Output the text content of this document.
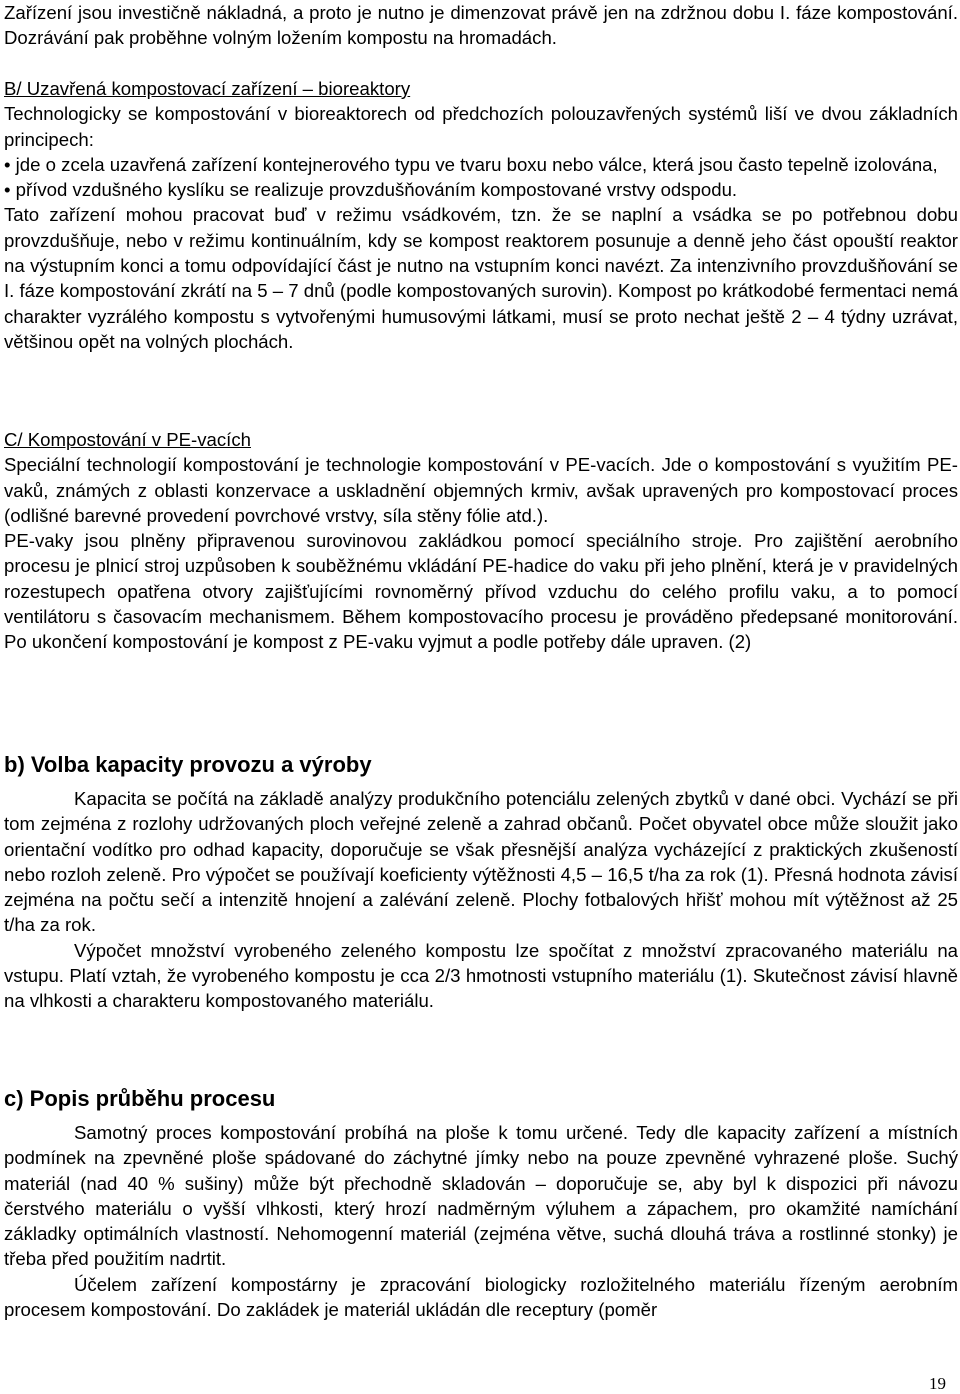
Zařízení jsou investičně nákladná, a proto je nutno je dimenzovat právě jen na zdržnou dobu I. fáze kompostování. Dozrávání pak proběhne volným ložením kompostu na hromadách.

B/ Uzavřená kompostovací zařízení – bioreaktory

Technologicky se kompostování v bioreaktorech od předchozích polouzavřených systémů liší ve dvou základních principech:

• jde o zcela uzavřená zařízení kontejnerového typu ve tvaru boxu nebo válce, která jsou často tepelně izolována,

• přívod vzdušného kyslíku se realizuje provzdušňováním kompostované vrstvy odspodu.

Tato zařízení mohou pracovat buď v režimu vsádkovém, tzn. že se naplní a vsádka se po potřebnou dobu provzdušňuje, nebo v režimu kontinuálním, kdy se kompost reaktorem posunuje a denně jeho část opouští reaktor na výstupním konci a tomu odpovídající část je nutno na vstupním konci navézt. Za intenzivního provzdušňování se I. fáze kompostování zkrátí na 5 – 7 dnů (podle kompostovaných surovin). Kompost po krátkodobé fermentaci nemá charakter vyzrálého kompostu s vytvořenými humusovými látkami, musí se proto nechat ještě 2 – 4 týdny uzrávat, většinou opět na volných plochách.

C/ Kompostování v PE-vacích

Speciální technologií kompostování je technologie kompostování v PE-vacích. Jde o kompostování s využitím PE-vaků, známých z oblasti konzervace a uskladnění objemných krmiv, avšak upravených pro kompostovací proces (odlišné barevné provedení povrchové vrstvy, síla stěny fólie atd.).

PE-vaky jsou plněny připravenou surovinovou zakládkou pomocí speciálního stroje. Pro zajištění aerobního procesu je plnicí stroj uzpůsoben k souběžnému vkládání PE-hadice do vaku při jeho plnění, která je v pravidelných rozestupech opatřena otvory zajišťujícími rovnoměrný přívod vzduchu do celého profilu vaku, a to pomocí ventilátoru s časovacím mechanismem. Během kompostovacího procesu je prováděno předepsané monitorování. Po ukončení kompostování je kompost z PE-vaku vyjmut a podle potřeby dále upraven. (2)

b) Volba kapacity provozu a výroby

Kapacita se počítá na základě analýzy produkčního potenciálu zelených zbytků v dané obci. Vychází se při tom zejména z rozlohy udržovaných ploch veřejné zeleně a zahrad občanů. Počet obyvatel obce může sloužit jako orientační vodítko pro odhad kapacity, doporučuje se však přesnější analýza vycházející z praktických zkušeností nebo rozloh zeleně. Pro výpočet se používají koeficienty výtěžnosti 4,5 – 16,5 t/ha za rok (1). Přesná hodnota závisí zejména na počtu sečí a intenzitě hnojení a zalévání zeleně. Plochy fotbalových hřišť mohou mít výtěžnost až 25 t/ha za rok.

Výpočet množství vyrobeného zeleného kompostu lze spočítat z množství zpracovaného materiálu na vstupu. Platí vztah, že vyrobeného kompostu je cca 2/3 hmotnosti vstupního materiálu (1). Skutečnost závisí hlavně na vlhkosti a charakteru kompostovaného materiálu.

c) Popis průběhu procesu

Samotný proces kompostování probíhá na ploše k tomu určené. Tedy dle kapacity zařízení a místních podmínek na zpevněné ploše spádované do záchytné jímky nebo na pouze zpevněné vyhrazené ploše. Suchý materiál (nad 40 % sušiny) může být přechodně skladován – doporučuje se, aby byl k dispozici při návozu čerstvého materiálu o vyšší vlhkosti, který hrozí nadměrným výluhem a zápachem, pro okamžité namíchání základky optimálních vlastností. Nehomogenní materiál (zejména větve, suchá dlouhá tráva a rostlinné stonky) je třeba před použitím nadrtit.

Účelem zařízení kompostárny je zpracování biologicky rozložitelného materiálu řízeným aerobním procesem kompostování. Do zakládek je materiál ukládán dle receptury (poměr

19
